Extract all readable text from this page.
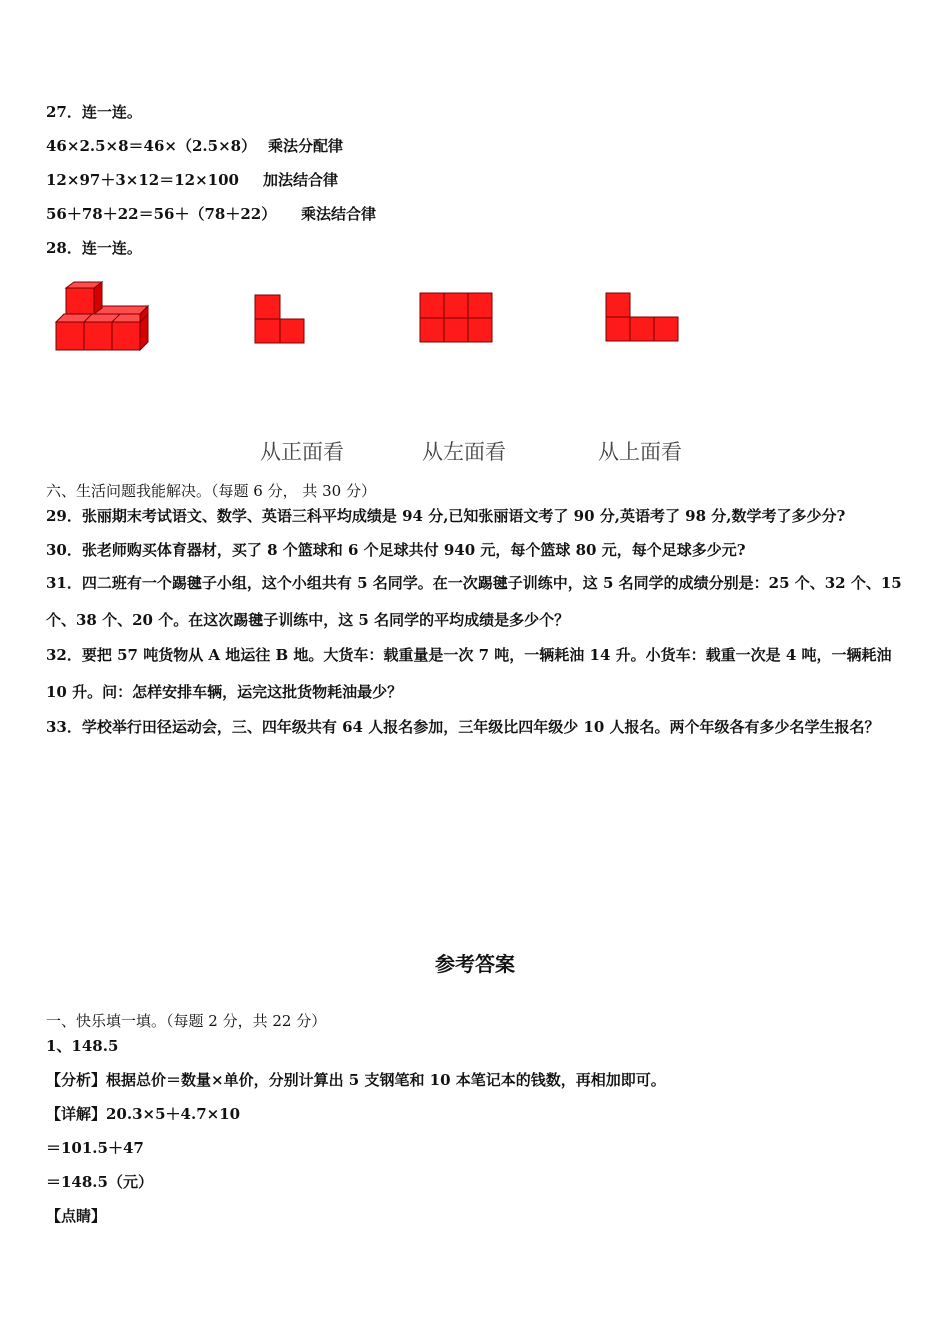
27．连一连。
46×2.5×8＝46×（2.5×8） 乘法分配律
12×97＋3×12＝12×100 加法结合律
56＋78＋22＝56＋（78＋22） 乘法结合律
28．连一连。
从正面看	从左面看	从上面看
六、生活问题我能解决。（每题 6 分， 共 30 分）
29．张丽期末考试语文、数学、英语三科平均成绩是 94 分,已知张丽语文考了 90 分,英语考了 98 分,数学考了多少分?
30．张老师购买体育器材，买了 8 个篮球和 6 个足球共付 940 元，每个篮球 80 元，每个足球多少元?
31．四二班有一个踢毽子小组，这个小组共有 5 名同学。在一次踢毽子训练中，这 5 名同学的成绩分别是：25 个、32 个、15 个、38 个、20 个。在这次踢毽子训练中，这 5 名同学的平均成绩是多少个？
32．要把 57 吨货物从 A 地运往 B 地。大货车：载重量是一次 7 吨，一辆耗油 14 升。小货车：载重一次是 4 吨，一辆耗油 10 升。问：怎样安排车辆，运完这批货物耗油最少？
33．学校举行田径运动会，三、四年级共有 64 人报名参加，三年级比四年级少 10 人报名。两个年级各有多少名学生报名？
参考答案
一、快乐填一填。（每题 2 分，共 22 分）
1、148.5
【分析】根据总价＝数量×单价，分别计算出 5 支钢笔和 10 本笔记本的钱数，再相加即可。
【详解】20.3×5＋4.7×10
＝101.5＋47
＝148.5（元）
【点睛】
